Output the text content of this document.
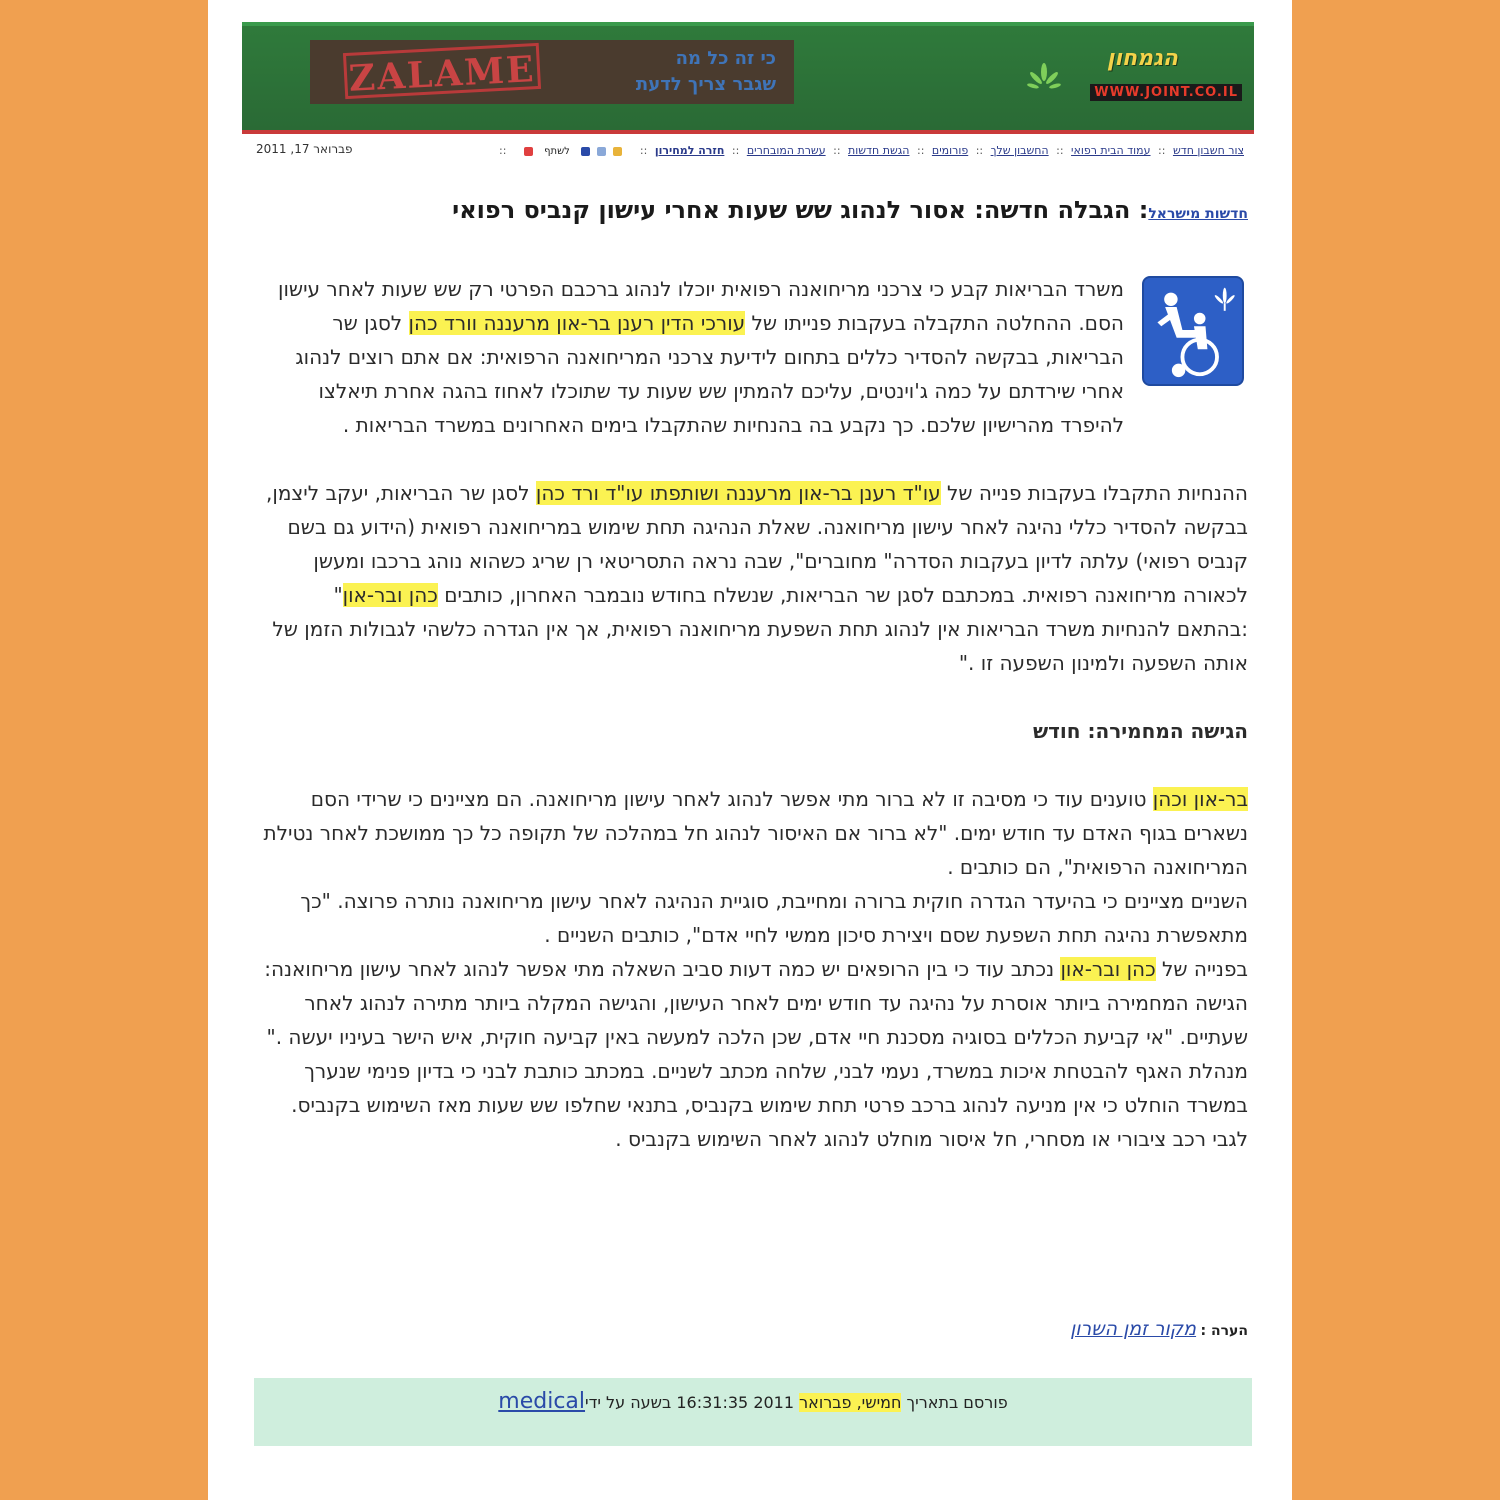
ZALAME	כי זה כל מה
שגבר צריך לדעת
הגמחון
WWW.JOINT.CO.IL
צור חשבון חדש :: עמוד הבית רפואי :: החשבון שלך :: פורומים :: הגשת חדשות :: עשרת המובחרים :: חזרה למחירון ::    לשתף  ::
פברואר 17, 2011
חדשות מישראל: הגבלה חדשה: אסור לנהוג שש שעות אחרי עישון קנביס רפואי

משרד הבריאות קבע כי צרכני מריחואנה רפואית יוכלו לנהוג ברכבם הפרטי רק שש שעות לאחר עישון הסם. ההחלטה התקבלה בעקבות פנייתו של עורכי הדין רענן בר-און מרעננה וורד כהן לסגן שר הבריאות, בבקשה להסדיר כללים בתחום לידיעת צרכני המריחואנה הרפואית: אם אתם רוצים לנהוג אחרי שירדתם על כמה ג'וינטים, עליכם להמתין שש שעות עד שתוכלו לאחוז בהגה אחרת תיאלצו להיפרד מהרישיון שלכם. כך נקבע בה בהנחיות שהתקבלו בימים האחרונים במשרד הבריאות .

ההנחיות התקבלו בעקבות פנייה של עו"ד רענן בר-און מרעננה ושותפתו עו"ד ורד כהן לסגן שר הבריאות, יעקב ליצמן, בבקשה להסדיר כללי נהיגה לאחר עישון מריחואנה. שאלת הנהיגה תחת שימוש במריחואנה רפואית (הידוע גם בשם קנביס רפואי) עלתה לדיון בעקבות הסדרה" מחוברים", שבה נראה התסריטאי רן שריג כשהוא נוהג ברכבו ומעשן לכאורה מריחואנה רפואית. במכתבם לסגן שר הבריאות, שנשלח בחודש נובמבר האחרון, כותבים כהן ובר-און" :בהתאם להנחיות משרד הבריאות אין לנהוג תחת השפעת מריחואנה רפואית, אך אין הגדרה כלשהי לגבולות הזמן של אותה השפעה ולמינון השפעה זו ."

הגישה המחמירה: חודש

בר-און וכהן טוענים עוד כי מסיבה זו לא ברור מתי אפשר לנהוג לאחר עישון מריחואנה. הם מציינים כי שרידי הסם נשארים בגוף האדם עד חודש ימים. "לא ברור אם האיסור לנהוג חל במהלכה של תקופה כל כך ממושכת לאחר נטילת המריחואנה הרפואית", הם כותבים .

השניים מציינים כי בהיעדר הגדרה חוקית ברורה ומחייבת, סוגיית הנהיגה לאחר עישון מריחואנה נותרה פרוצה. "כך מתאפשרת נהיגה תחת השפעת שסם ויצירת סיכון ממשי לחיי אדם", כותבים השניים .

בפנייה של כהן ובר-און נכתב עוד כי בין הרופאים יש כמה דעות סביב השאלה מתי אפשר לנהוג לאחר עישון מריחואנה: הגישה המחמירה ביותר אוסרת על נהיגה עד חודש ימים לאחר העישון, והגישה המקלה ביותר מתירה לנהוג לאחר שעתיים. "אי קביעת הכללים בסוגיה מסכנת חיי אדם, שכן הלכה למעשה באין קביעה חוקית, איש הישר בעיניו יעשה ."

מנהלת האגף להבטחת איכות במשרד, נעמי לבני, שלחה מכתב לשניים. במכתב כותבת לבני כי בדיון פנימי שנערך במשרד הוחלט כי אין מניעה לנהוג ברכב פרטי תחת שימוש בקנביס, בתנאי שחלפו שש שעות מאז השימוש בקנביס. לגבי רכב ציבורי או מסחרי, חל איסור מוחלט לנהוג לאחר השימוש בקנביס .

הערה : מקור זמן השרון
פורסם בתאריך חמישי, פברואר 2011 16:31:35 בשעה על ידיmedical
